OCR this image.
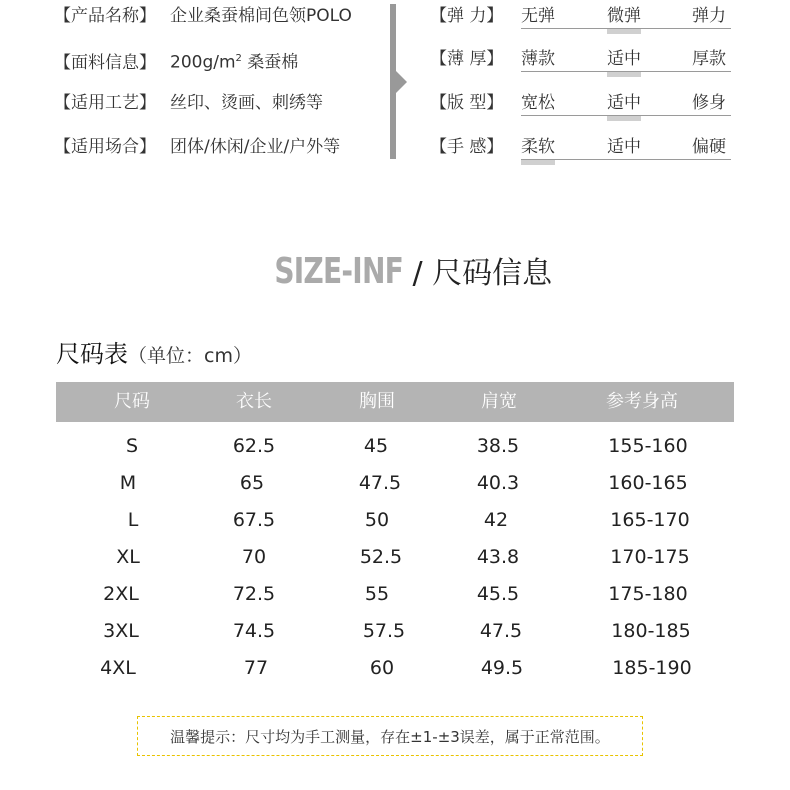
【产品名称】 企业桑蚕棉间色领POLO
【面料信息】 $200g/m^2$ 桑蚕棉
【适用工艺】 丝印、烫画、刺绣等
【适用场合】 团体/休闲/企业/户外等
【弹 力】 无弹	微弹	弹力
【薄 厚】 薄款	适中	厚款
【版 型】 宽松	适中	修身
【手 感】 柔软	适中	偏硬
SIZE-INF / 尺码信息
尺码表（单位：cm）
尺码	衣长	胸围	肩宽	参考身高
S	62.5	45	38.5	155-160
M	65	47.5	40.3	160-165
L	67.5	50	42	165-170
XL	70	52.5	43.8	170-175
2XL	72.5	55	45.5	175-180
3XL	74.5	57.5	47.5	180-185
4XL	77	60	49.5	185-190
温馨提示：尺寸均为手工测量，存在±1-±3误差，属于正常范围。
